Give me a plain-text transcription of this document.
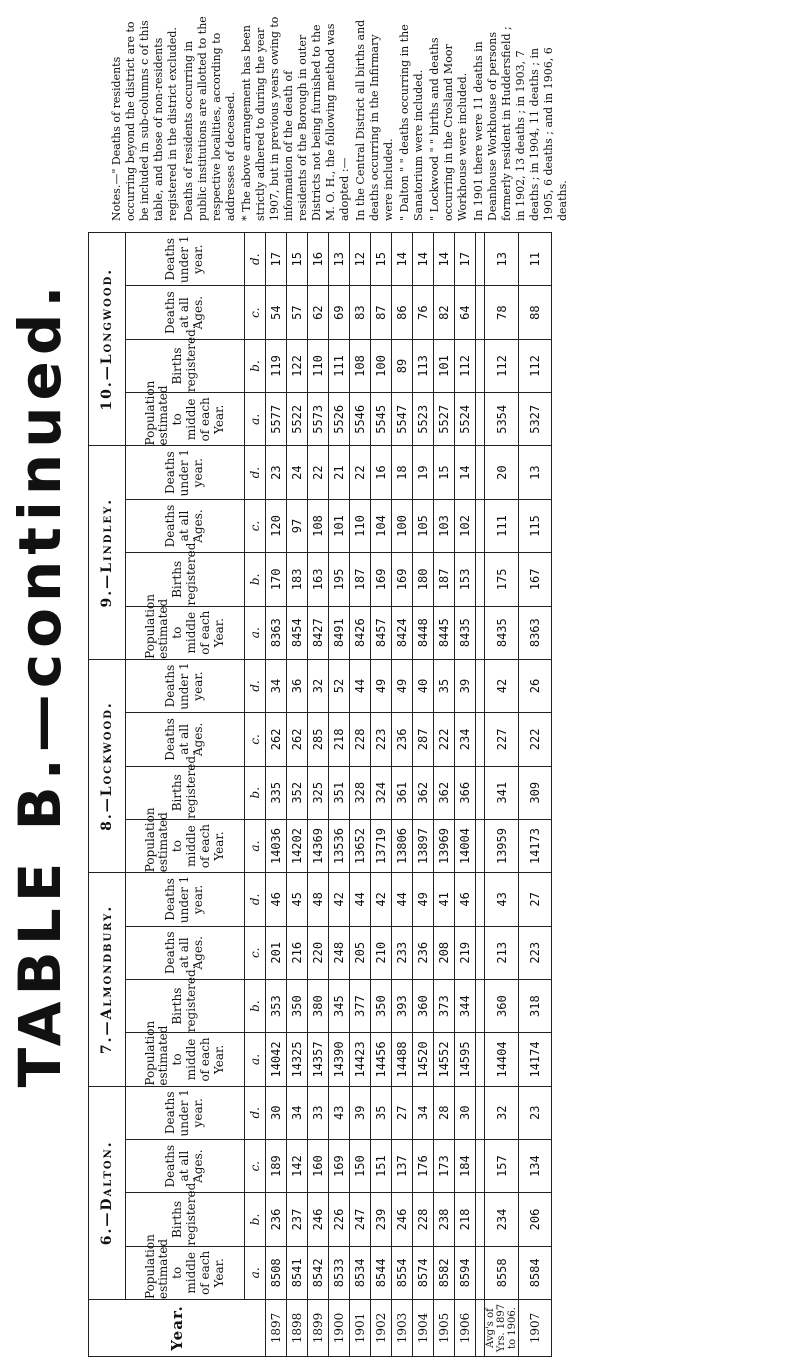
TABLE B.—continued.
Year.	6.—Dalton.				7.—Almondbury.				8.—Lockwood.				9.—Lindley.				10.—Longwood.			
	Population estimated to middle of each Year.	Births registered.	Deaths at all Ages.	Deaths under 1 year.	Population estimated to middle of each Year.	Births registered.	Deaths at all Ages.	Deaths under 1 year.	Population estimated to middle of each Year.	Births registered.	Deaths at all Ages.	Deaths under 1 year.	Population estimated to middle of each Year.	Births registered.	Deaths at all Ages.	Deaths under 1 year.	Population estimated to middle of each Year.	Births registered.	Deaths at all Ages.	Deaths under 1 year.
	a.	b.	c.	d.	a.	b.	c.	d.	a.	b.	c.	d.	a.	b.	c.	d.	a.	b.	c.	d.
1897	8508	236	189	30	14042	353	201	46	14036	335	262	34	8363	170	120	23	5577	119	54	17
1898	8541	237	142	34	14325	350	216	45	14202	352	262	36	8454	183	97	24	5522	122	57	15
1899	8542	246	160	33	14357	380	220	48	14369	325	285	32	8427	163	108	22	5573	110	62	16
1900	8533	226	169	43	14390	345	248	42	13536	351	218	52	8491	195	101	21	5526	111	69	13
1901	8534	247	150	39	14423	377	205	44	13652	328	228	44	8426	187	110	22	5546	108	83	12
1902	8544	239	151	35	14456	350	210	42	13719	324	223	49	8457	169	104	16	5545	100	87	15
1903	8554	246	137	27	14488	393	233	44	13806	361	236	49	8424	169	100	18	5547	89	86	14
1904	8574	228	176	34	14520	360	236	49	13897	362	287	40	8448	180	105	19	5523	113	76	14
1905	8582	238	173	28	14552	373	208	41	13969	362	222	35	8445	187	103	15	5527	101	82	14
1906	8594	218	184	30	14595	344	219	46	14004	366	234	39	8435	153	102	14	5524	112	64	17

Avg's of Yrs. 1897 to 1906.	8558	234	157	32	14404	360	213	43	13959	341	227	42	8435	175	111	20	5354	112	78	13
1907	8584	206	134	23	14174	318	223	27	14173	309	222	26	8363	167	115	13	5327	112	88	11

Notes.—" Deaths of residents occurring beyond the district are to be included in sub-columns c of this table, and those of non-residents registered in the district excluded. Deaths of residents occurring in public institutions are allotted to the respective localities, according to addresses of deceased. * The above arrangement has been strictly adhered to during the year 1907, but in previous years owing to information of the death of residents of the Borough in outer Districts not being furnished to the M. O. H., the following method was adopted :— In the Central District all births and deaths occurring in the Infirmary were included. " Dalton " " deaths occurring in the Sanatorium were included. " Lockwood " " births and deaths occurring in the Crosland Moor Workhouse were included. In 1901 there were 11 deaths in Deanhouse Workhouse of persons formerly resident in Huddersfield ; in 1902, 13 deaths ; in 1903, 7 deaths ; in 1904, 11 deaths ; in 1905, 6 deaths ; and in 1906, 6 deaths.
